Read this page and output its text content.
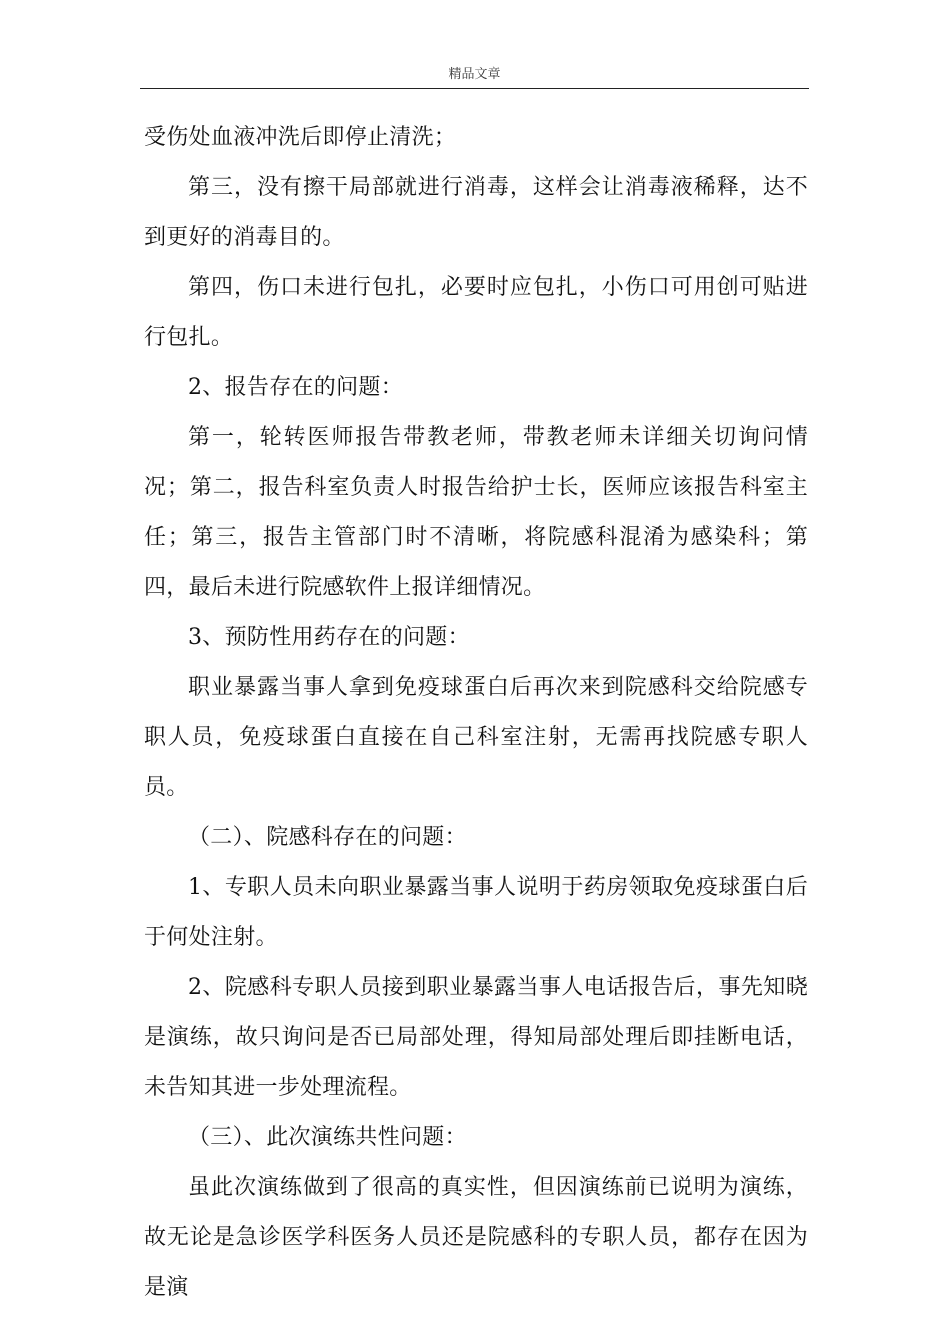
精品文章

受伤处血液冲洗后即停止清洗；

第三，没有擦干局部就进行消毒，这样会让消毒液稀释，达不到更好的消毒目的。

第四，伤口未进行包扎，必要时应包扎，小伤口可用创可贴进行包扎。

2、报告存在的问题：

第一，轮转医师报告带教老师，带教老师未详细关切询问情况；第二，报告科室负责人时报告给护士长，医师应该报告科室主任；第三，报告主管部门时不清晰，将院感科混淆为感染科；第四，最后未进行院感软件上报详细情况。

3、预防性用药存在的问题：

职业暴露当事人拿到免疫球蛋白后再次来到院感科交给院感专职人员，免疫球蛋白直接在自己科室注射，无需再找院感专职人员。

（二）、院感科存在的问题：

1、专职人员未向职业暴露当事人说明于药房领取免疫球蛋白后于何处注射。

2、院感科专职人员接到职业暴露当事人电话报告后，事先知晓是演练，故只询问是否已局部处理，得知局部处理后即挂断电话，未告知其进一步处理流程。

（三）、此次演练共性问题：

虽此次演练做到了很高的真实性，但因演练前已说明为演练，故无论是急诊医学科医务人员还是院感科的专职人员，都存在因为是演
